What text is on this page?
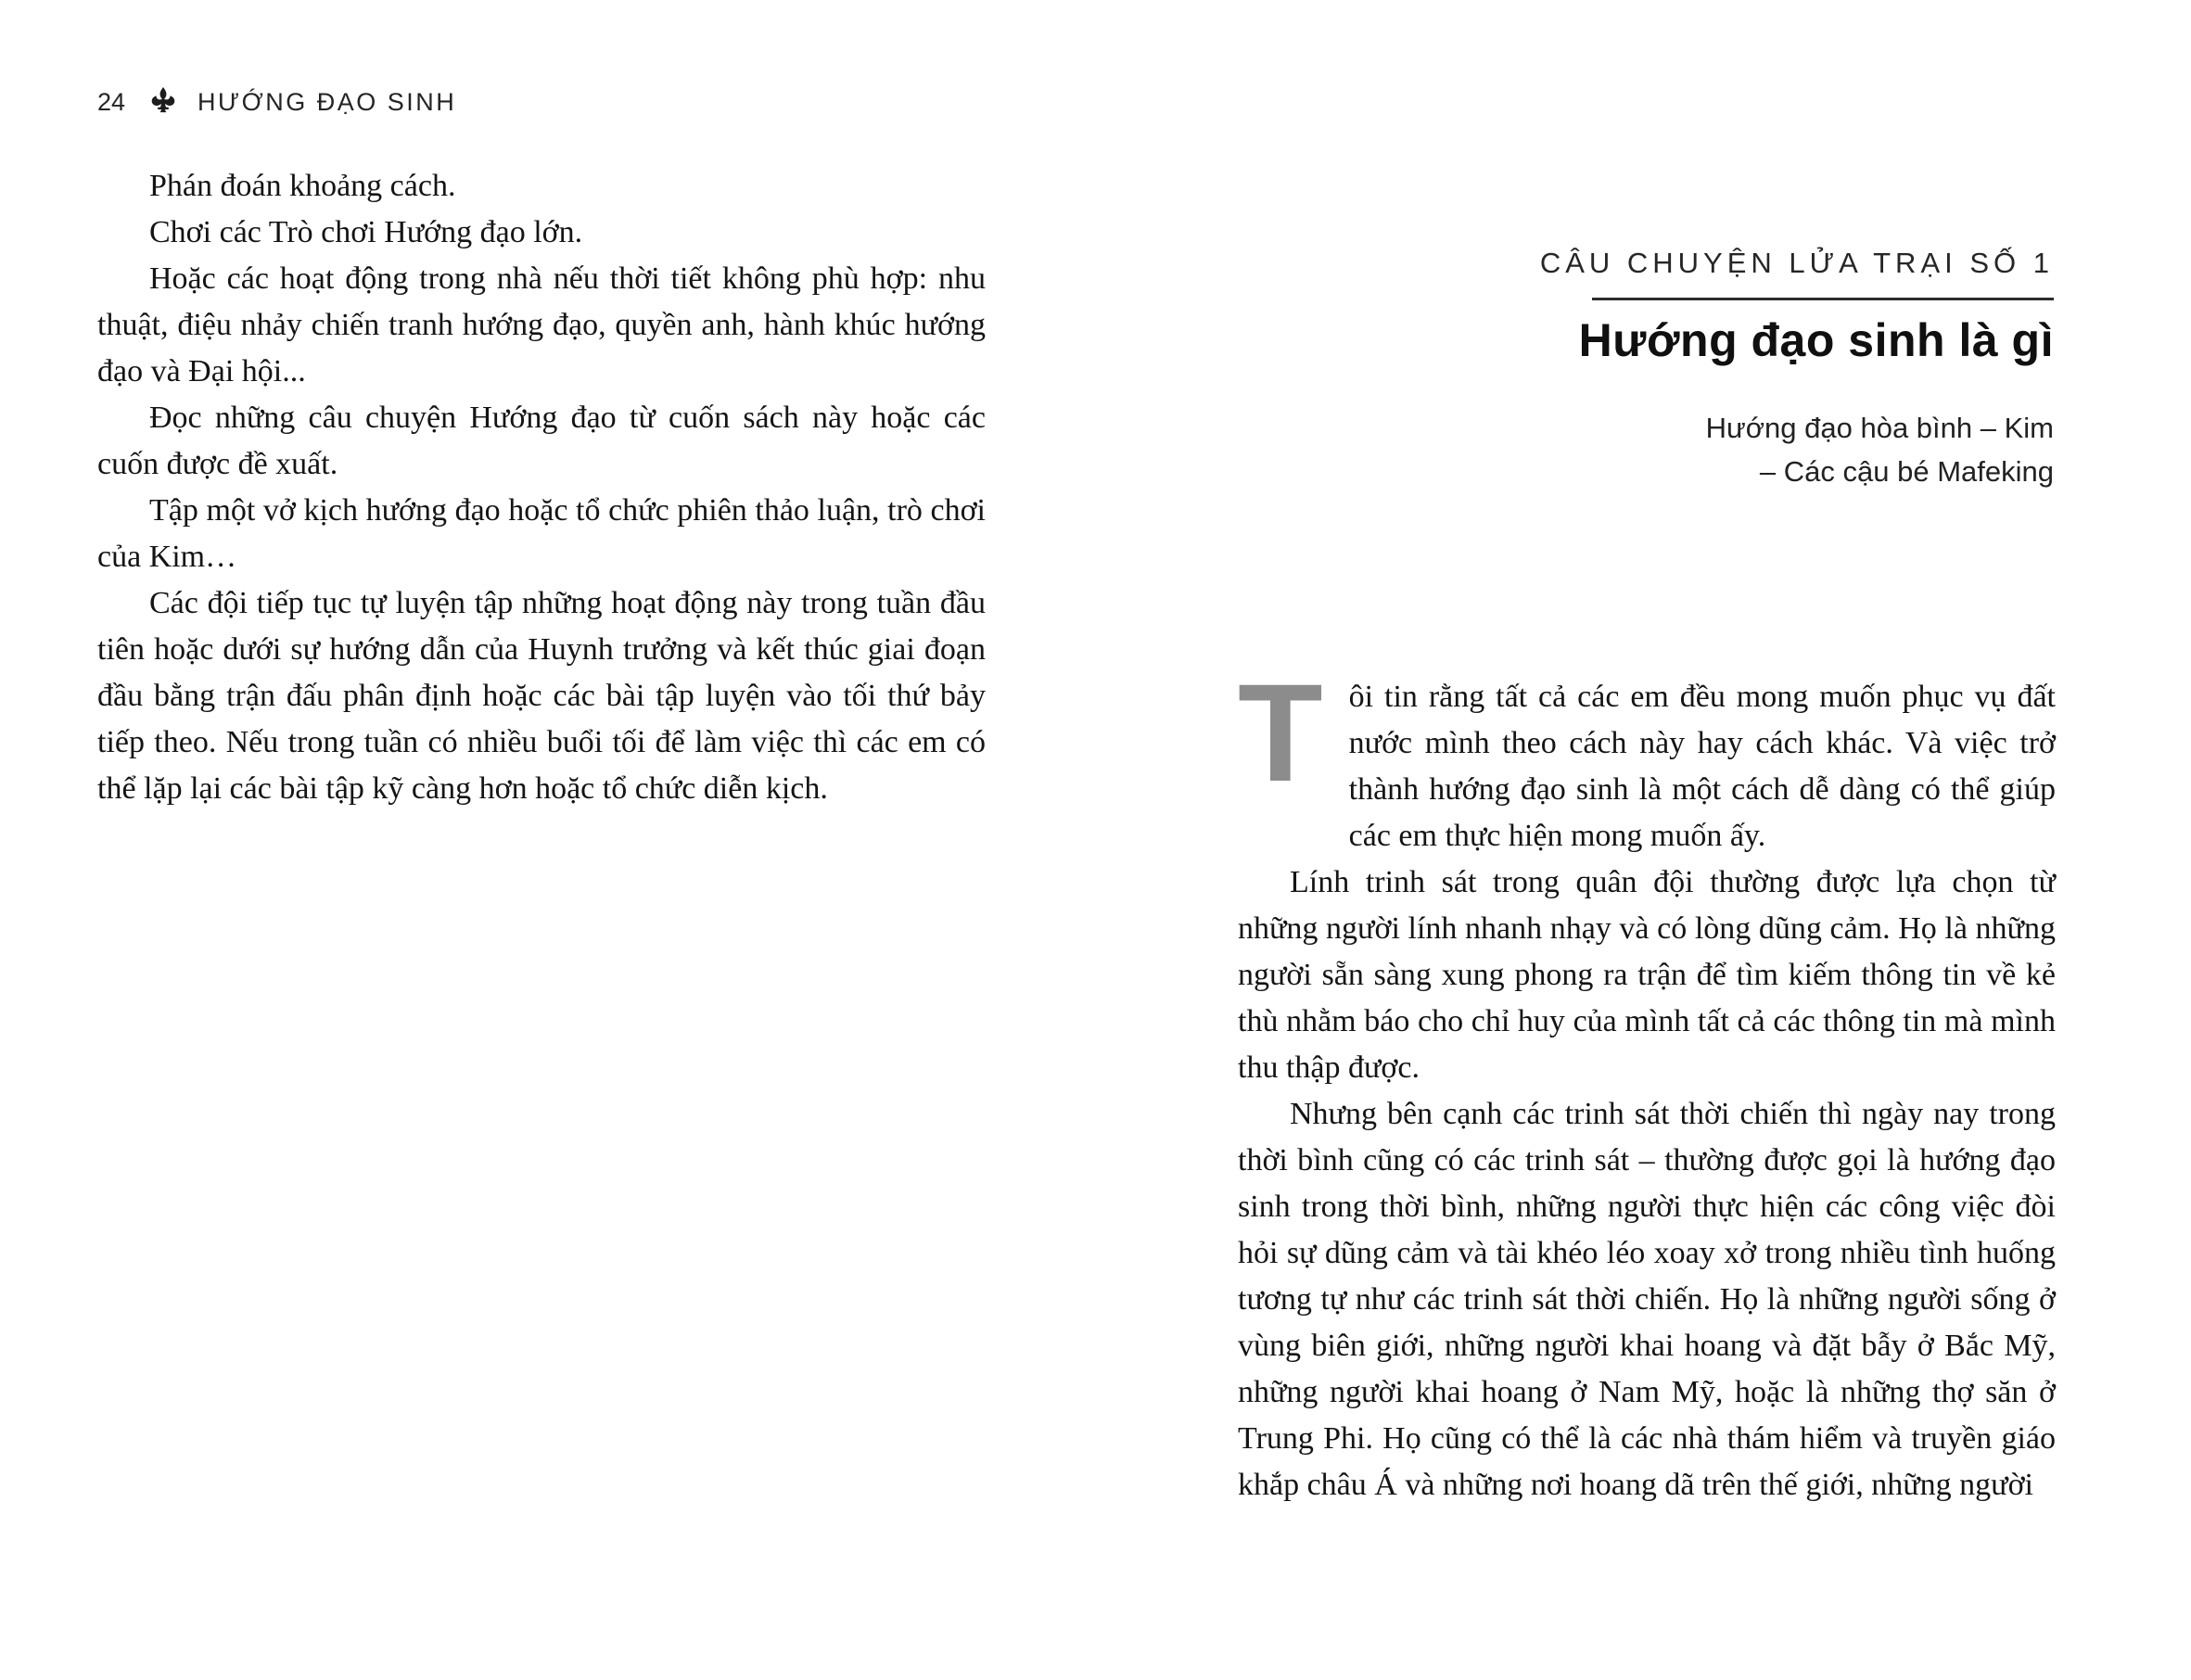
24	HƯỚNG ĐẠO SINH

Phán đoán khoảng cách.

Chơi các Trò chơi Hướng đạo lớn.

Hoặc các hoạt động trong nhà nếu thời tiết không phù hợp: nhu thuật, điệu nhảy chiến tranh hướng đạo, quyền anh, hành khúc hướng đạo và Đại hội...

Đọc những câu chuyện Hướng đạo từ cuốn sách này hoặc các cuốn được đề xuất.

Tập một vở kịch hướng đạo hoặc tổ chức phiên thảo luận, trò chơi của Kim…

Các đội tiếp tục tự luyện tập những hoạt động này trong tuần đầu tiên hoặc dưới sự hướng dẫn của Huynh trưởng và kết thúc giai đoạn đầu bằng trận đấu phân định hoặc các bài tập luyện vào tối thứ bảy tiếp theo. Nếu trong tuần có nhiều buổi tối để làm việc thì các em có thể lặp lại các bài tập kỹ càng hơn hoặc tổ chức diễn kịch.

CÂU CHUYỆN LỬA TRẠI SỐ 1
Hướng đạo sinh là gì
Hướng đạo hòa bình – Kim
– Các cậu bé Mafeking

Tôi tin rằng tất cả các em đều mong muốn phục vụ đất nước mình theo cách này hay cách khác. Và việc trở thành hướng đạo sinh là một cách dễ dàng có thể giúp các em thực hiện mong muốn ấy.

Lính trinh sát trong quân đội thường được lựa chọn từ những người lính nhanh nhạy và có lòng dũng cảm. Họ là những người sẵn sàng xung phong ra trận để tìm kiếm thông tin về kẻ thù nhằm báo cho chỉ huy của mình tất cả các thông tin mà mình thu thập được.

Nhưng bên cạnh các trinh sát thời chiến thì ngày nay trong thời bình cũng có các trinh sát – thường được gọi là hướng đạo sinh trong thời bình, những người thực hiện các công việc đòi hỏi sự dũng cảm và tài khéo léo xoay xở trong nhiều tình huống tương tự như các trinh sát thời chiến. Họ là những người sống ở vùng biên giới, những người khai hoang và đặt bẫy ở Bắc Mỹ, những người khai hoang ở Nam Mỹ, hoặc là những thợ săn ở Trung Phi. Họ cũng có thể là các nhà thám hiểm và truyền giáo khắp châu Á và những nơi hoang dã trên thế giới, những người
